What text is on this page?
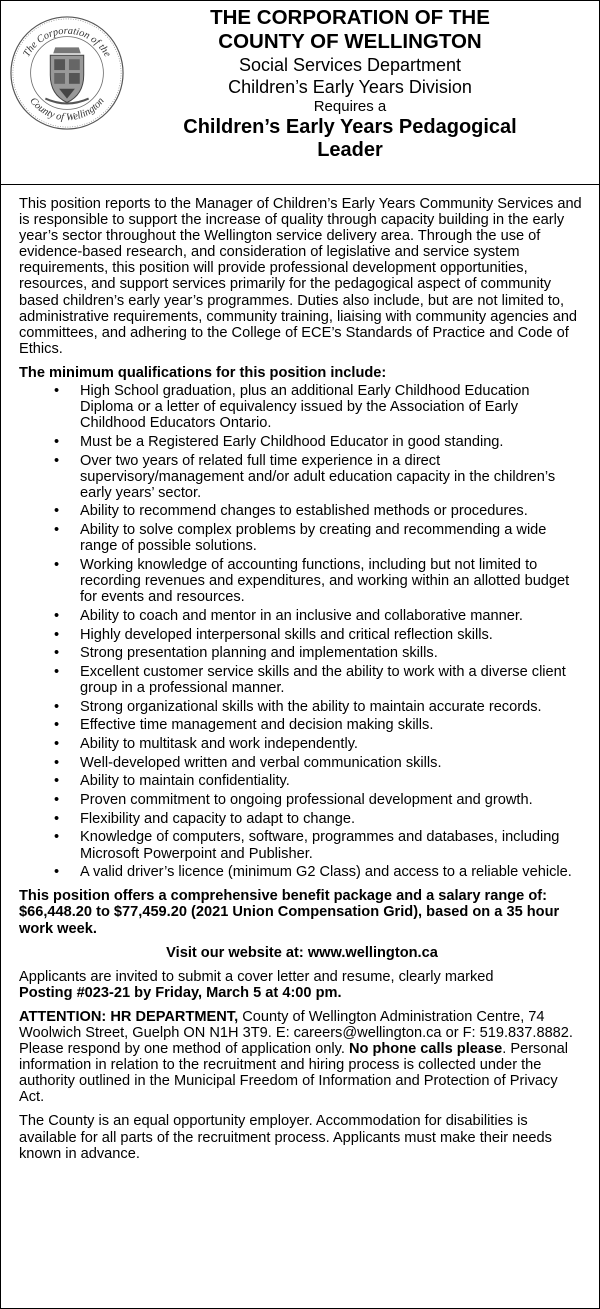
The Corporation of the
County of Wellington
THE CORPORATION OF THE
COUNTY OF WELLINGTON
Social Services Department
Children’s Early Years Division
Requires a
Children’s Early Years Pedagogical
Leader

This position reports to the Manager of Children’s Early Years Community Services and is responsible to support the increase of quality through capacity building in the early year’s sector throughout the Wellington service delivery area. Through the use of evidence-based research, and consideration of legislative and service system requirements, this position will provide professional development opportunities, resources, and support services primarily for the pedagogical aspect of community based children’s early year’s programmes. Duties also include, but are not limited to, administrative requirements, community training, liaising with community agencies and committees, and adhering to the College of ECE’s Standards of Practice and Code of Ethics.

The minimum qualifications for this position include:

• High School graduation, plus an additional Early Childhood Education Diploma or a letter of equivalency issued by the Association of Early Childhood Educators Ontario.
• Must be a Registered Early Childhood Educator in good standing.
• Over two years of related full time experience in a direct supervisory/management and/or adult education capacity in the children’s early years’ sector.
• Ability to recommend changes to established methods or procedures.
• Ability to solve complex problems by creating and recommending a wide range of possible solutions.
• Working knowledge of accounting functions, including but not limited to recording revenues and expenditures, and working within an allotted budget for events and resources.
• Ability to coach and mentor in an inclusive and collaborative manner.
• Highly developed interpersonal skills and critical reflection skills.
• Strong presentation planning and implementation skills.
• Excellent customer service skills and the ability to work with a diverse client group in a professional manner.
• Strong organizational skills with the ability to maintain accurate records.
• Effective time management and decision making skills.
• Ability to multitask and work independently.
• Well-developed written and verbal communication skills.
• Ability to maintain confidentiality.
• Proven commitment to ongoing professional development and growth.
• Flexibility and capacity to adapt to change.
• Knowledge of computers, software, programmes and databases, including Microsoft Powerpoint and Publisher.
• A valid driver’s licence (minimum G2 Class) and access to a reliable vehicle.

This position offers a comprehensive benefit package and a salary range of: $66,448.20 to $77,459.20 (2021 Union Compensation Grid), based on a 35 hour work week.

Visit our website at: www.wellington.ca

Applicants are invited to submit a cover letter and resume, clearly marked
Posting #023-21 by Friday, March 5 at 4:00 pm.

ATTENTION: HR DEPARTMENT, County of Wellington Administration Centre, 74 Woolwich Street, Guelph ON N1H 3T9. E: careers@wellington.ca or F: 519.837.8882. Please respond by one method of application only. No phone calls please. Personal information in relation to the recruitment and hiring process is collected under the authority outlined in the Municipal Freedom of Information and Protection of Privacy Act.

The County is an equal opportunity employer. Accommodation for disabilities is available for all parts of the recruitment process. Applicants must make their needs known in advance.
